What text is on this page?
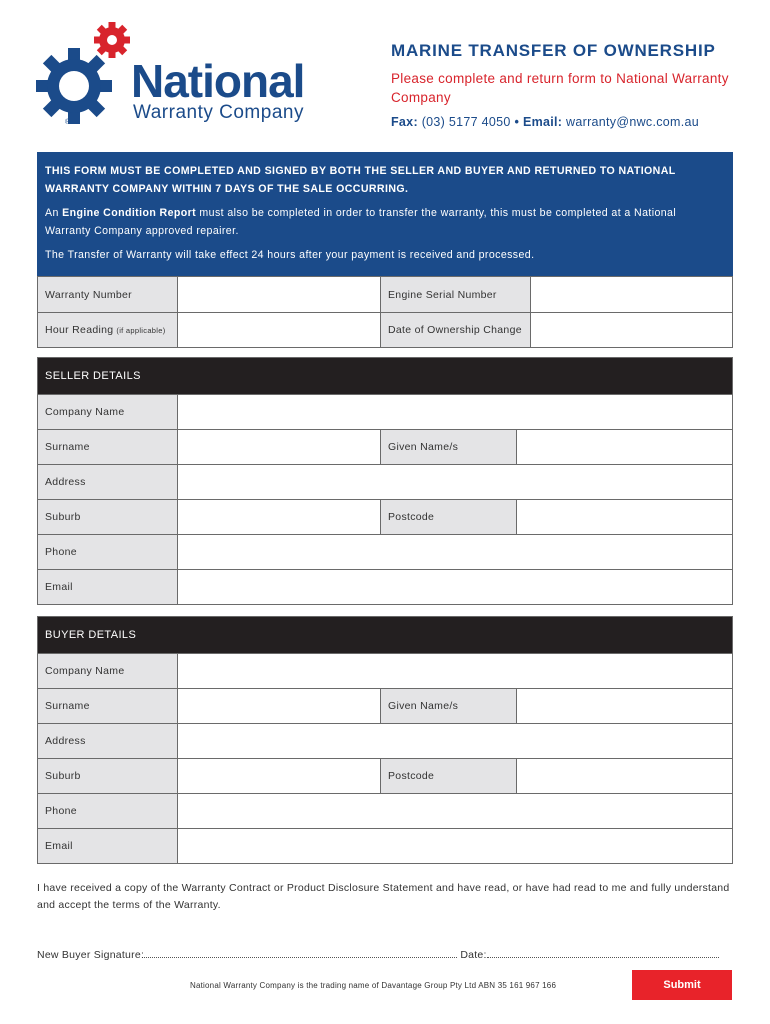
National
Warranty Company
®
MARINE TRANSFER OF OWNERSHIP
Please complete and return form to National Warranty Company
Fax: (03) 5177 4050 • Email: warranty@nwc.com.au
THIS FORM MUST BE COMPLETED AND SIGNED BY BOTH THE SELLER AND BUYER AND RETURNED TO NATIONAL WARRANTY COMPANY WITHIN 7 DAYS OF THE SALE OCCURRING.

An Engine Condition Report must also be completed in order to transfer the warranty, this must be completed at a National Warranty Company approved repairer.

The Transfer of Warranty will take effect 24 hours after your payment is received and processed.

Warranty Number	Engine Serial Number
Hour Reading (if applicable)	Date of Ownership Change
SELLER DETAILS
Company Name
Surname	Given Name/s
Address
Suburb	Postcode
Phone
Email
BUYER DETAILS
Company Name
Surname	Given Name/s
Address
Suburb	Postcode
Phone
Email
I have received a copy of the Warranty Contract or Product Disclosure Statement and have read, or have had read to me and fully understand and accept the terms of the Warranty.
New Buyer Signature:	Date:
National Warranty Company is the trading name of Davantage Group Pty Ltd ABN 35 161 967 166	Submit
